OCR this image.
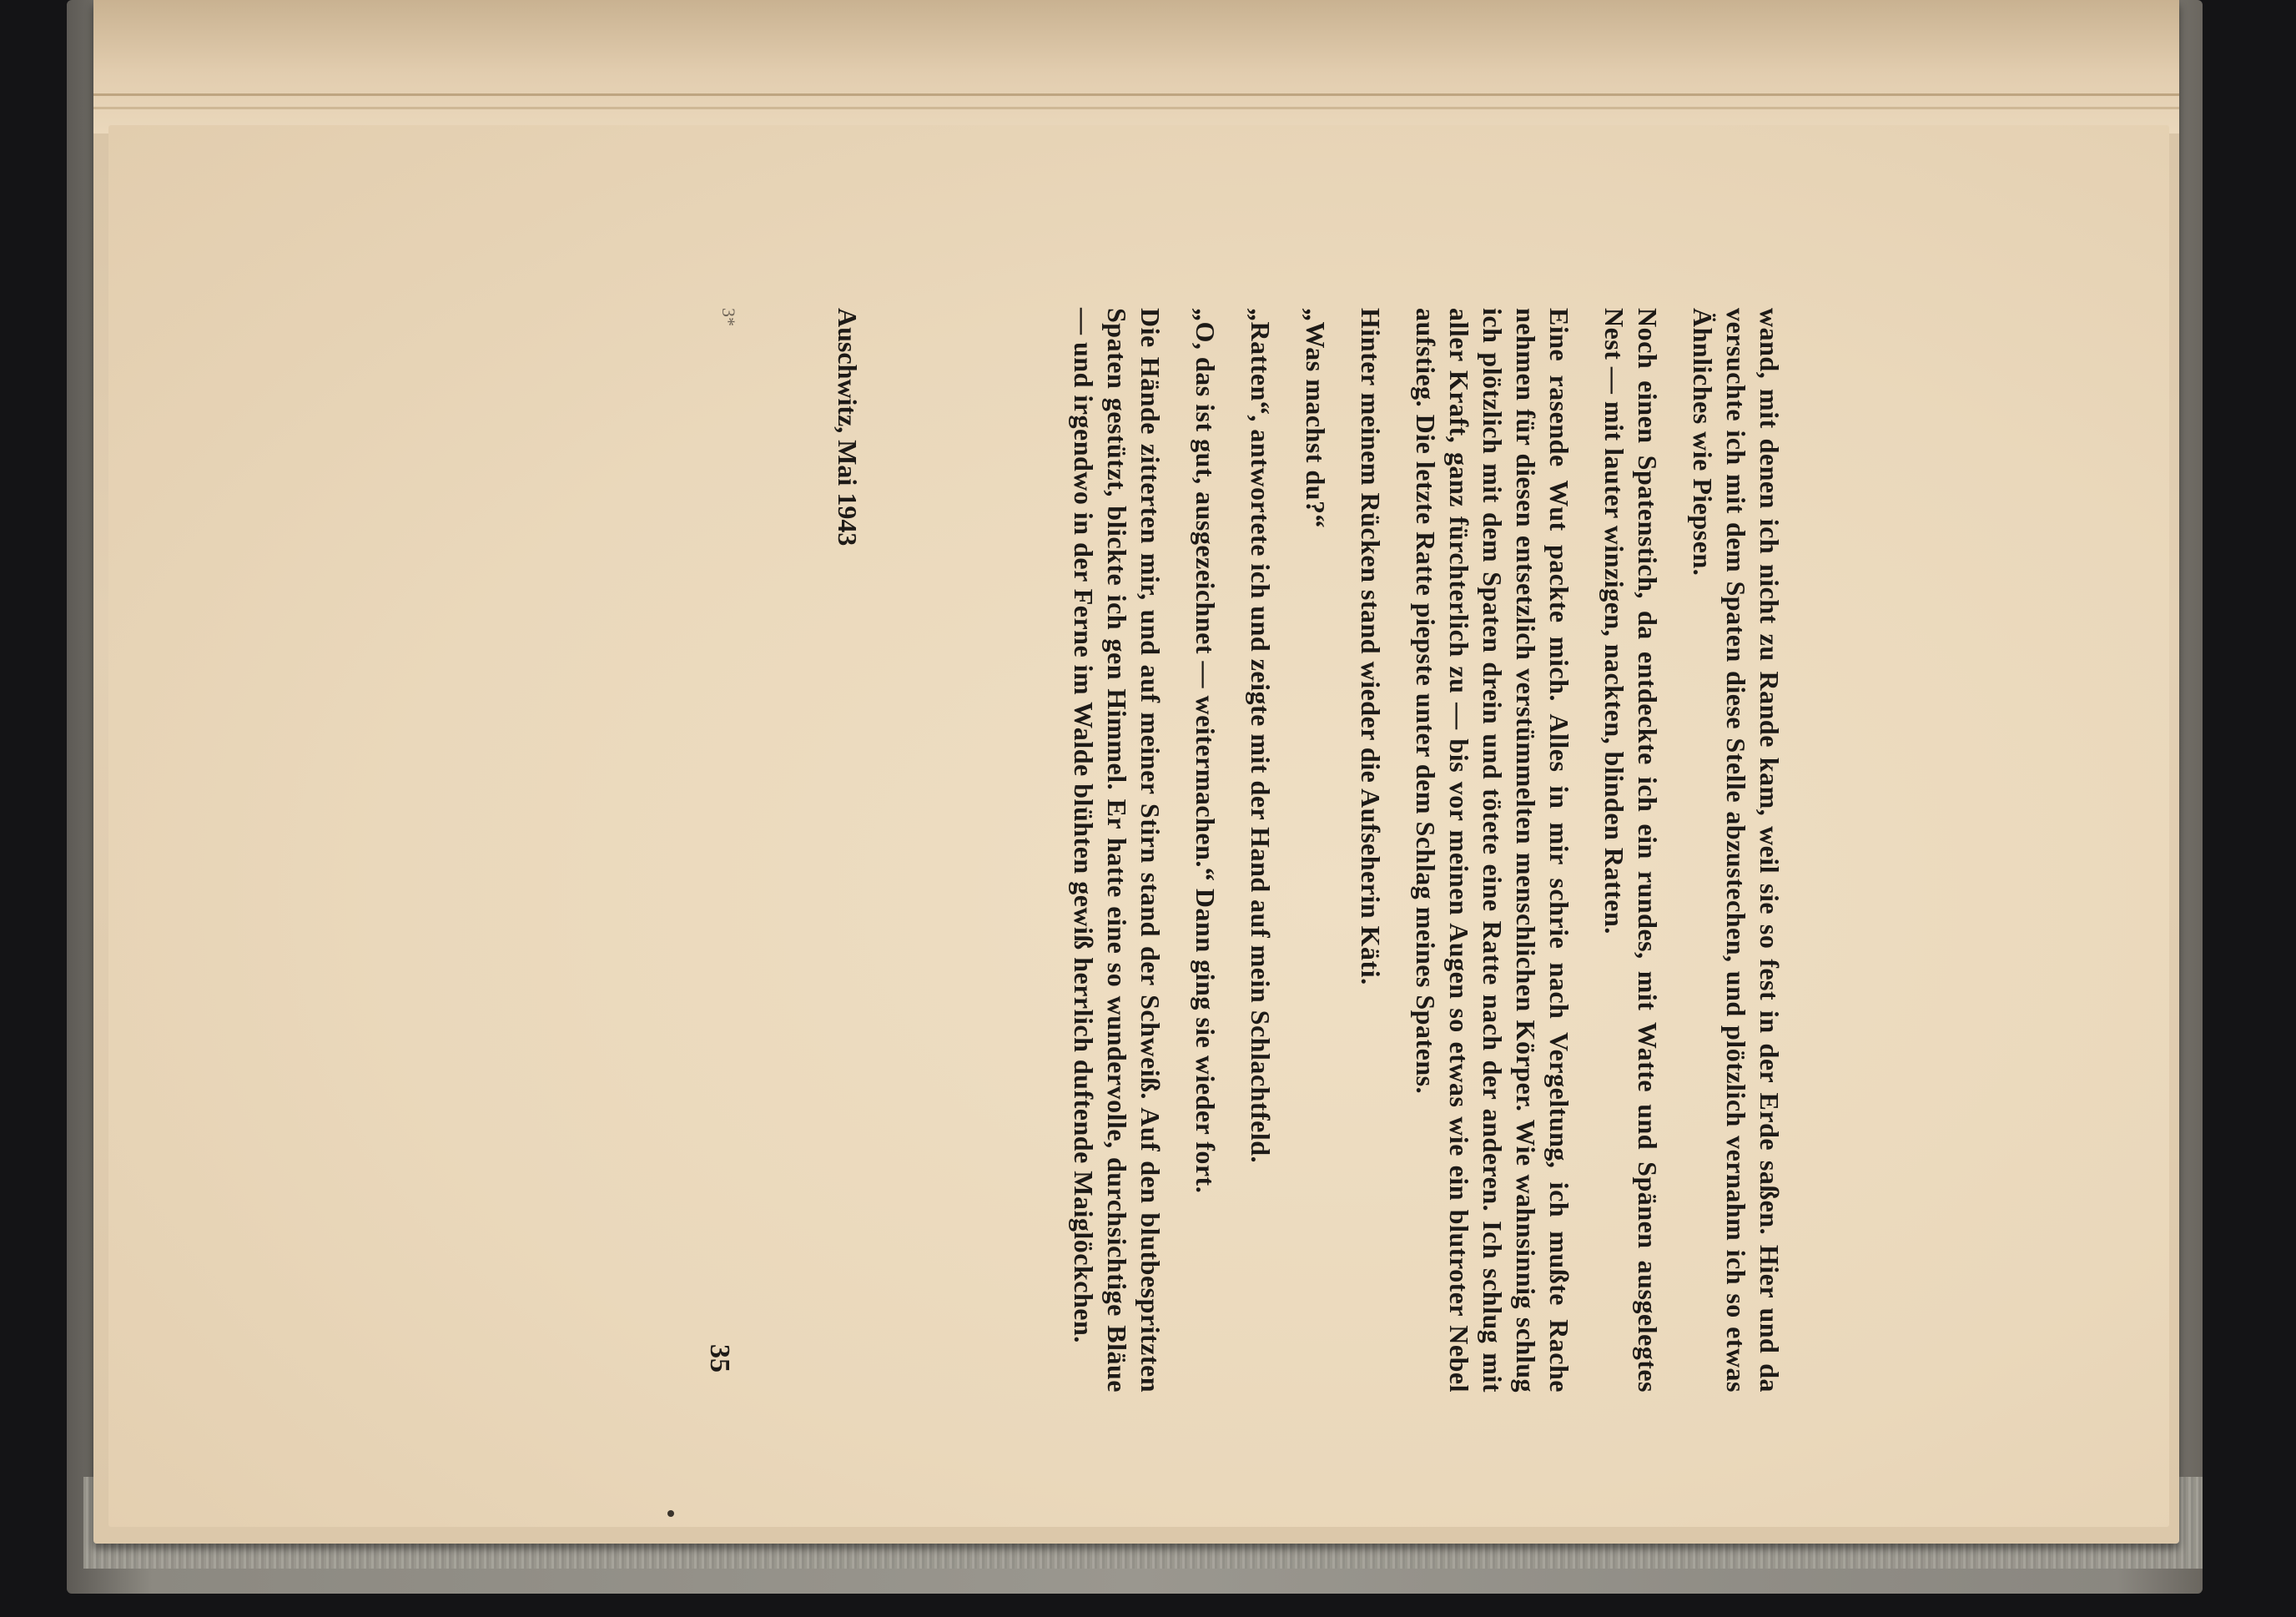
wand, mit denen ich nicht zu Rande kam, weil sie so fest in der Erde saßen. Hier und da versuchte ich mit dem Spaten diese Stelle abzustechen, und plötzlich vernahm ich so etwas Ähnliches wie Piepsen.

Noch einen Spatenstich, da entdeckte ich ein rundes, mit Watte und Spänen ausgelegtes Nest — mit lauter winzigen, nackten, blinden Ratten.

Eine rasende Wut packte mich. Alles in mir schrie nach Vergeltung, ich mußte Rache nehmen für diesen entsetzlich verstümmelten menschlichen Körper. Wie wahnsinnig schlug ich plötzlich mit dem Spaten drein und tötete eine Ratte nach der anderen. Ich schlug mit aller Kraft, ganz fürchterlich zu — bis vor meinen Augen so etwas wie ein blutroter Nebel aufstieg. Die letzte Ratte piepste unter dem Schlag meines Spatens.

Hinter meinem Rücken stand wieder die Aufseherin Käti.

„Was machst du?“

„Ratten“, antwortete ich und zeigte mit der Hand auf mein Schlachtfeld.

„O, das ist gut, ausgezeichnet — weitermachen.“ Dann ging sie wieder fort.

Die Hände zitterten mir, und auf meiner Stirn stand der Schweiß. Auf den blutbespritzten Spaten gestützt, blickte ich gen Himmel. Er hatte eine so wundervolle, durchsichtige Bläue — und irgendwo in der Ferne im Walde blühten gewiß herrlich duftende Maiglöckchen.

Auschwitz, Mai 1943
3*
35
